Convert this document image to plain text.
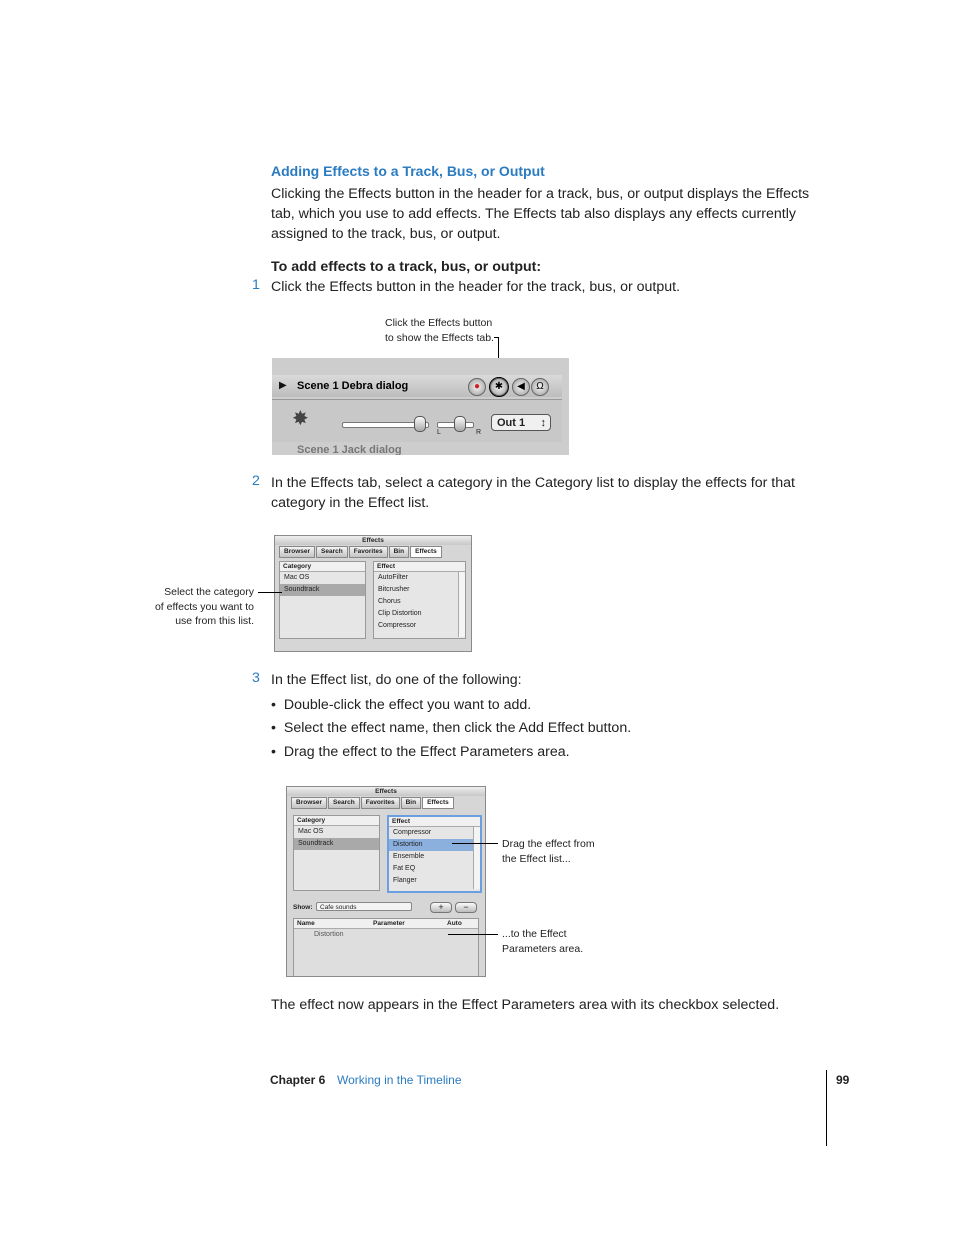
Adding Effects to a Track, Bus, or Output
Clicking the Effects button in the header for a track, bus, or output displays the Effects tab, which you use to add effects. The Effects tab also displays any effects currently assigned to the track, bus, or output.
To add effects to a track, bus, or output:
1 Click the Effects button in the header for the track, bus, or output.
Click the Effects button
to show the Effects tab.
▶ Scene 1 Debra dialog	●	✱	◀	Ω
✸
L	R
Out 1 ↕
Scene 1 Jack dialog
2 In the Effects tab, select a category in the Category list to display the effects for that category in the Effect list.
Effects
Browser	Search	Favorites	Bin	Effects
Category
Mac OS
Soundtrack
Effect
AutoFilter
Bitcrusher
Chorus
Clip Distortion
Compressor
Select the category
of effects you want to
use from this list.
3 In the Effect list, do one of the following:
•  Double-click the effect you want to add.
•  Select the effect name, then click the Add Effect button.
•  Drag the effect to the Effect Parameters area.
Effects
Browser	Search	Favorites	Bin	Effects
Category
Mac OS
Soundtrack
Effect
Compressor
Distortion
Ensemble
Fat EQ
Flanger
Show:	Cafe sounds	+	−
Name	Parameter	Auto
Distortion
Drag the effect from
the Effect list...
...to the Effect
Parameters area.
The effect now appears in the Effect Parameters area with its checkbox selected.
Chapter 6 Working in the Timeline	99
